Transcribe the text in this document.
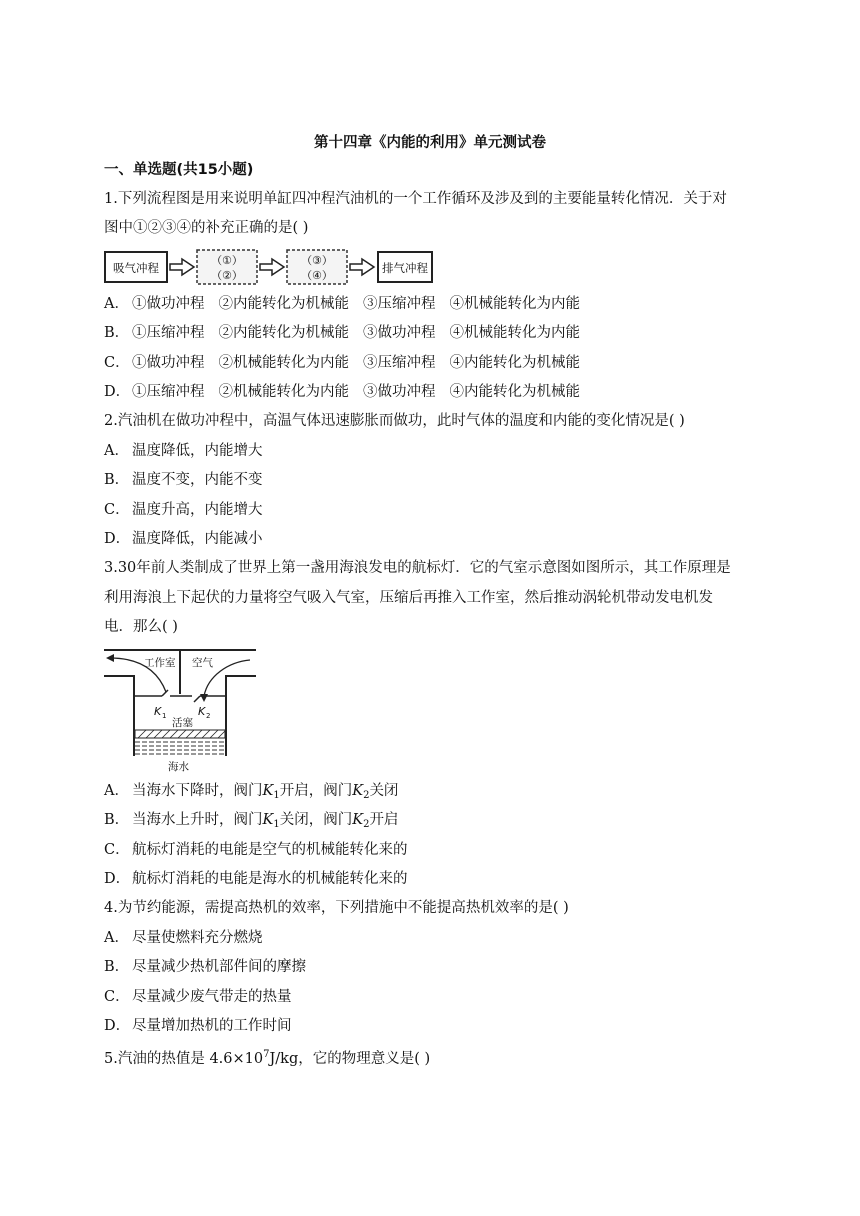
第十四章《内能的利用》单元测试卷
一、单选题(共15小题)
1.下列流程图是用来说明单缸四冲程汽油机的一个工作循环及涉及到的主要能量转化情况．关于对
图中①②③④的补充正确的是( )
吸气冲程
（①）
（②）
（③）
（④）
排气冲程
A． ①做功冲程 ②内能转化为机械能 ③压缩冲程 ④机械能转化为内能
B． ①压缩冲程 ②内能转化为机械能 ③做功冲程 ④机械能转化为内能
C． ①做功冲程 ②机械能转化为内能 ③压缩冲程 ④内能转化为机械能
D． ①压缩冲程 ②机械能转化为内能 ③做功冲程 ④内能转化为机械能
2.汽油机在做功冲程中，高温气体迅速膨胀而做功，此时气体的温度和内能的变化情况是( )
A． 温度降低，内能增大
B． 温度不变，内能不变
C． 温度升高，内能增大
D． 温度降低，内能减小
3.30年前人类制成了世界上第一盏用海浪发电的航标灯．它的气室示意图如图所示，其工作原理是
利用海浪上下起伏的力量将空气吸入气室，压缩后再推入工作室，然后推动涡轮机带动发电机发
电．那么( )
工作室 空气
K 1	K 2
活塞
海水
A． 当海水下降时，阀门$K_1$开启，阀门$K_2$关闭
B． 当海水上升时，阀门$K_1$关闭，阀门$K_2$开启
C． 航标灯消耗的电能是空气的机械能转化来的
D． 航标灯消耗的电能是海水的机械能转化来的
4.为节约能源，需提高热机的效率，下列措施中不能提高热机效率的是( )
A． 尽量使燃料充分燃烧
B． 尽量减少热机部件间的摩擦
C． 尽量减少废气带走的热量
D． 尽量增加热机的工作时间
5.汽油的热值是 $4.6\times 10^7J/kg$，它的物理意义是( )
